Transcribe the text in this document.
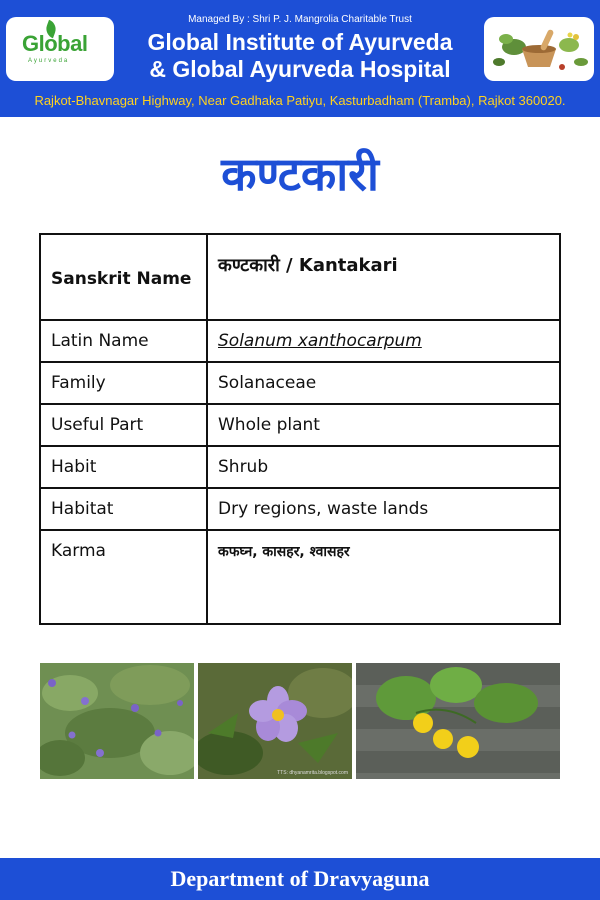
Global
Ayurveda
Managed By : Shri P. J. Mangrolia Charitable Trust
Global Institute of Ayurveda
& Global Ayurveda Hospital
Rajkot-Bhavnagar Highway, Near Gadhaka Patiyu, Kasturbadham (Tramba), Rajkot 360020.
कण्टकारी
Sanskrit Name	कण्टकारी / Kantakari
Latin Name	Solanum xanthocarpum
Family	Solanaceae
Useful Part	Whole plant
Habit	Shrub
Habitat	Dry regions, waste lands
Karma	कफघ्न, कासहर, श्वासहर
TTS: dhyanamrita.blogspot.com
Department of Dravyaguna
